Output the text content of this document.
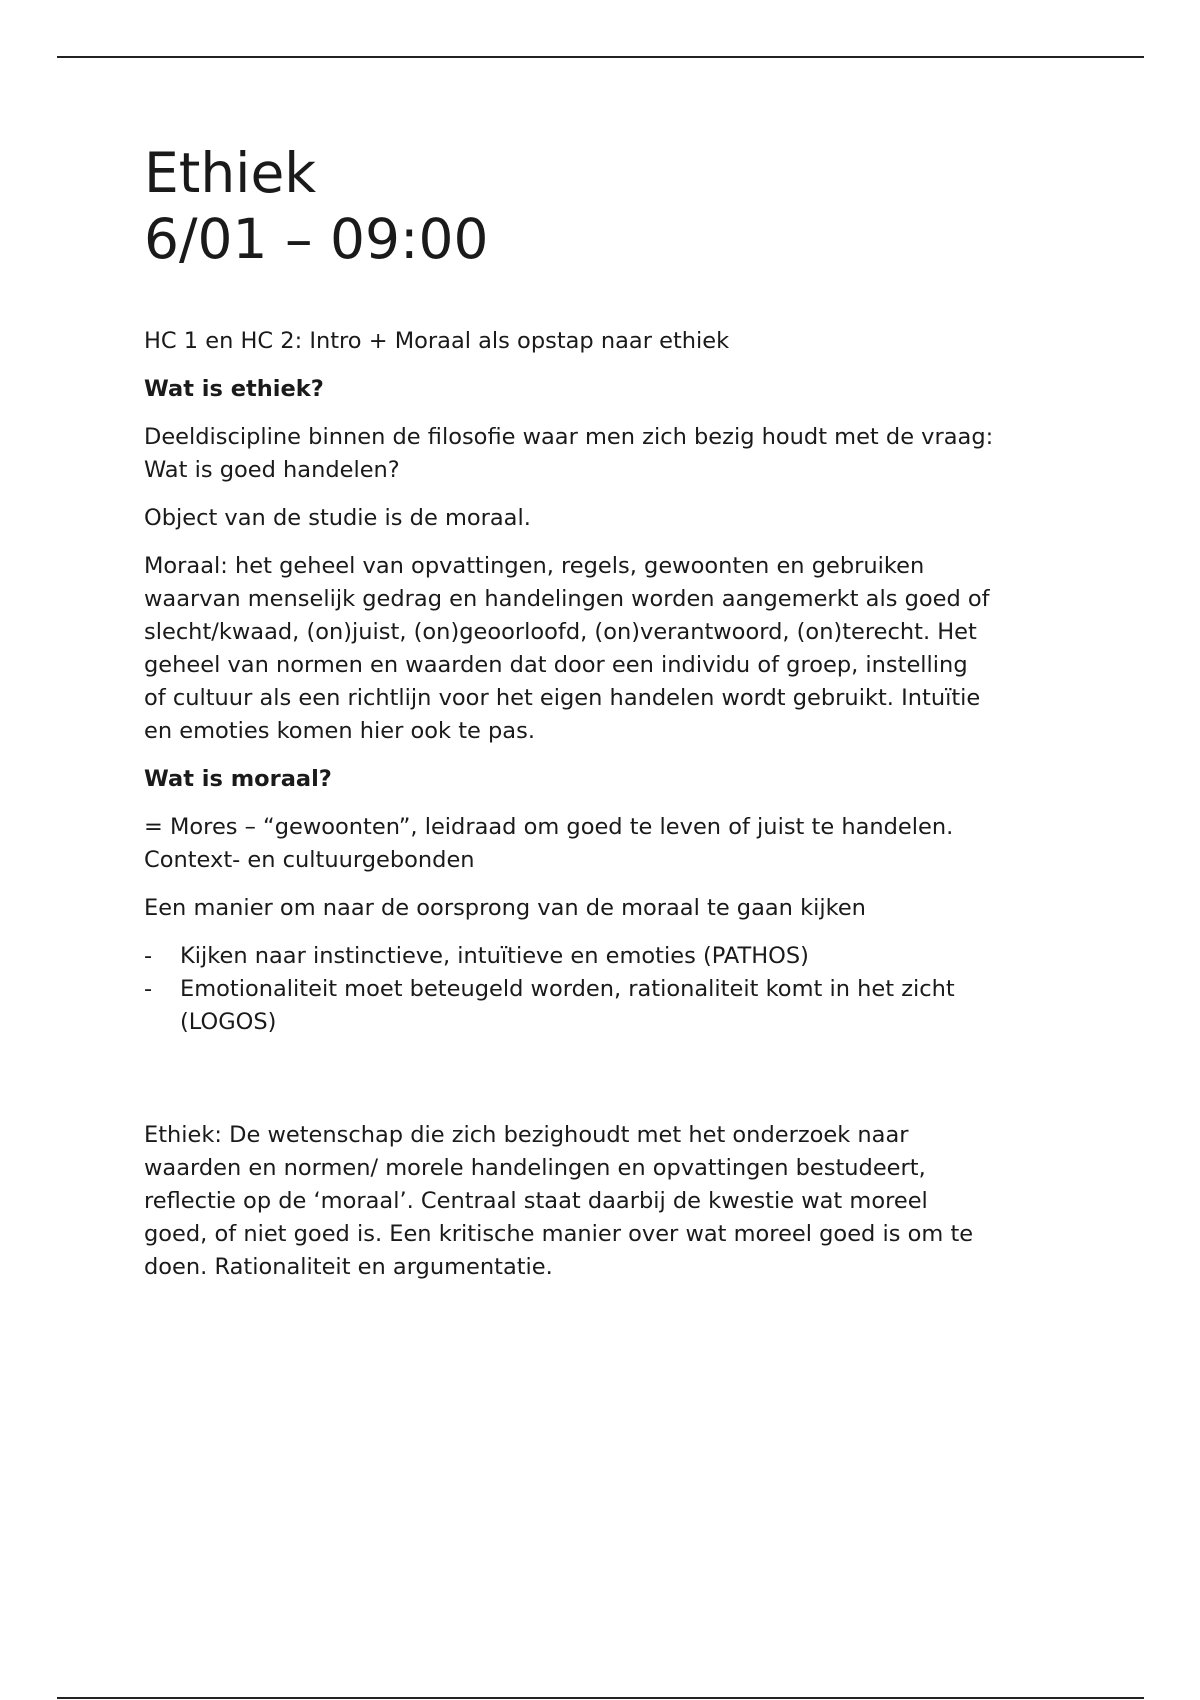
Ethiek
6/01 – 09:00

HC 1 en HC 2: Intro + Moraal als opstap naar ethiek

Wat is ethiek?

Deeldiscipline binnen de filosofie waar men zich bezig houdt met de vraag:

Wat is goed handelen?

Object van de studie is de moraal.

Moraal: het geheel van opvattingen, regels, gewoonten en gebruiken

waarvan menselijk gedrag en handelingen worden aangemerkt als goed of

slecht/kwaad, (on)juist, (on)geoorloofd, (on)verantwoord, (on)terecht. Het

geheel van normen en waarden dat door een individu of groep, instelling

of cultuur als een richtlijn voor het eigen handelen wordt gebruikt. Intuïtie

en emoties komen hier ook te pas.

Wat is moraal?

= Mores – “gewoonten”, leidraad om goed te leven of juist te handelen.

Context- en cultuurgebonden

Een manier om naar de oorsprong van de moraal te gaan kijken

- Kijken naar instinctieve, intuïtieve en emoties (PATHOS)
- Emotionaliteit moet beteugeld worden, rationaliteit komt in het zicht
(LOGOS)

Ethiek: De wetenschap die zich bezighoudt met het onderzoek naar

waarden en normen/ morele handelingen en opvattingen bestudeert,

reflectie op de ‘moraal’. Centraal staat daarbij de kwestie wat moreel

goed, of niet goed is. Een kritische manier over wat moreel goed is om te

doen. Rationaliteit en argumentatie.
